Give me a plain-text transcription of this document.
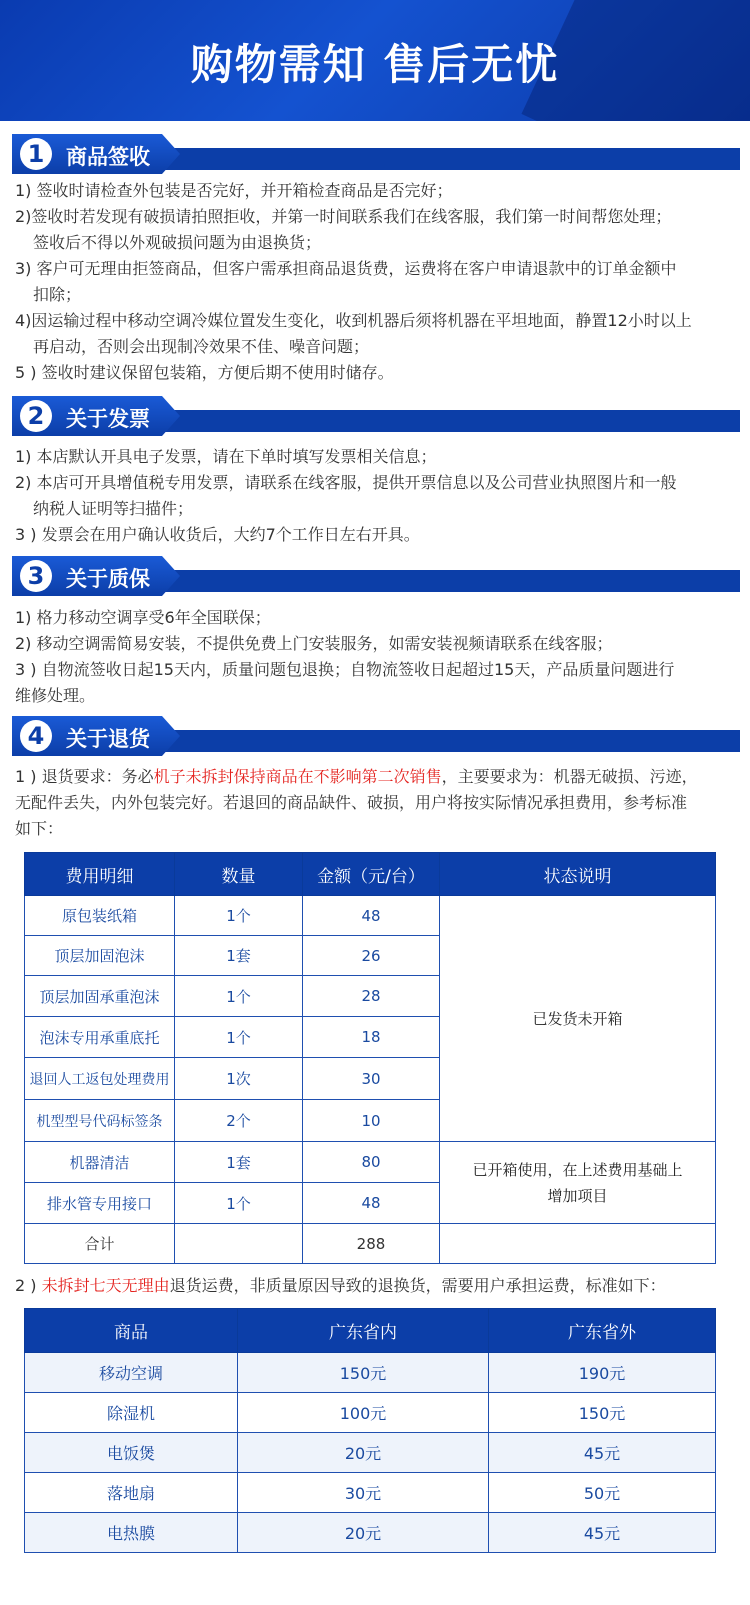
购物需知 售后无忧
1	商品签收

1) 签收时请检查外包装是否完好，并开箱检查商品是否完好；

2)签收时若发现有破损请拍照拒收，并第一时间联系我们在线客服，我们第一时间帮您处理；

签收后不得以外观破损问题为由退换货；

3) 客户可无理由拒签商品，但客户需承担商品退货费，运费将在客户申请退款中的订单金额中

扣除；

4)因运输过程中移动空调冷媒位置发生变化，收到机器后须将机器在平坦地面，静置12小时以上

再启动，否则会出现制冷效果不佳、噪音问题；

5 ) 签收时建议保留包装箱，方便后期不使用时储存。

2	关于发票

1) 本店默认开具电子发票，请在下单时填写发票相关信息；

2) 本店可开具增值税专用发票，请联系在线客服，提供开票信息以及公司营业执照图片和一般

纳税人证明等扫描件；

3 ) 发票会在用户确认收货后，大约7个工作日左右开具。

3	关于质保

1) 格力移动空调享受6年全国联保；

2) 移动空调需简易安装，不提供免费上门安装服务，如需安装视频请联系在线客服；

3 ) 自物流签收日起15天内，质量问题包退换；自物流签收日起超过15天，产品质量问题进行

维修处理。

4	关于退货

1 ) 退货要求：务必机子未拆封保持商品在不影响第二次销售，主要要求为：机器无破损、污迹，

无配件丢失，内外包装完好。若退回的商品缺件、破损，用户将按实际情况承担费用，参考标准

如下：

费用明细	数量	金额（元/台）	状态说明
原包装纸箱	1个	48	已发货未开箱
顶层加固泡沫	1套	26	
顶层加固承重泡沫	1个	28	
泡沫专用承重底托	1个	18	
退回人工返包处理费用	1次	30	
机型型号代码标签条	2个	10	
机器清洁	1套	80	已开箱使用，在上述费用基础上
增加项目

排水管专用接口	1个	48	
合计		288	

2 ) 未拆封七天无理由退货运费，非质量原因导致的退换货，需要用户承担运费，标准如下：

商品	广东省内	广东省外
移动空调	150元	190元
除湿机	100元	150元
电饭煲	20元	45元
落地扇	30元	50元
电热膜	20元	45元
